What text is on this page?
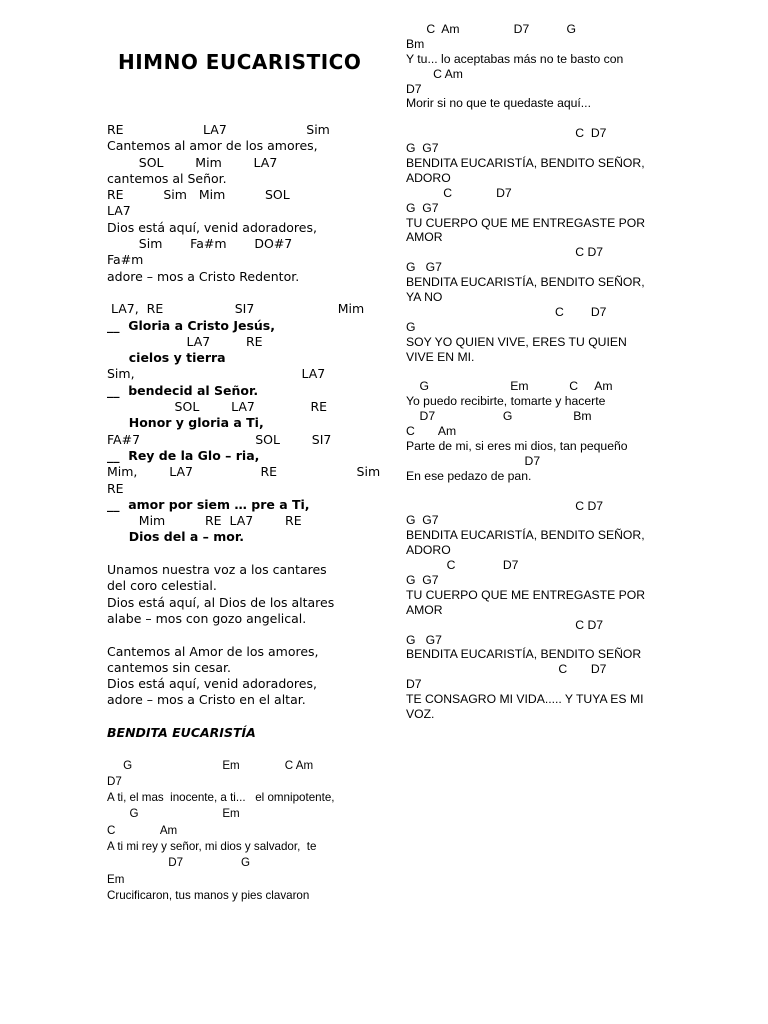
HIMNO EUCARISTICO
RE                    LA7                    Sim
Cantemos al amor de los amores,
SOL        Mim        LA7
cantemos al Señor.
RE          Sim   Mim          SOL
LA7
Dios está aquí, venid adoradores,
Sim       Fa#m       DO#7
Fa#m
adore – mos a Cristo Redentor.
LA7,  RE                  SI7                     Mim
__  Gloria a Cristo Jesús,
LA7         RE
cielos y tierra
Sim,                                          LA7
__  bendecid al Señor.
SOL        LA7              RE
Honor y gloria a Ti,
FA#7                             SOL        SI7
__  Rey de la Glo – ria,
Mim,        LA7                 RE                    Sim
RE
__  amor por siem … pre a Ti,
Mim          RE  LA7        RE
Dios del a – mor.
Unamos nuestra voz a los cantares
del coro celestial.
Dios está aquí, al Dios de los altares
alabe – mos con gozo angelical.
Cantemos al Amor de los amores,
cantemos sin cesar.
Dios está aquí, venid adoradores,
adore – mos a Cristo en el altar.
BENDITA EUCARISTÍA
G                            Em              C Am
D7
A ti, el mas  inocente, a ti...   el omnipotente,
G                          Em
C              Am
A ti mi rey y señor, mi dios y salvador,  te
D7                  G
Em
Crucificaron, tus manos y pies clavaron
C  Am                D7           G
Bm
Y tu... lo aceptabas más no te basto con
C Am
D7
Morir si no que te quedaste aquí...
C  D7
G  G7
BENDITA EUCARISTÍA, BENDITO SEÑOR,
ADORO
C             D7
G  G7
TU CUERPO QUE ME ENTREGASTE POR
AMOR
C D7
G   G7
BENDITA EUCARISTÍA, BENDITO SEÑOR,
YA NO
C        D7
G
SOY YO QUIEN VIVE, ERES TU QUIEN
VIVE EN MI.
G                        Em            C     Am
Yo puedo recibirte, tomarte y hacerte
D7                    G                  Bm
C       Am
Parte de mi, si eres mi dios, tan pequeño
D7
En ese pedazo de pan.
C D7
G  G7
BENDITA EUCARISTÍA, BENDITO SEÑOR,
ADORO
C              D7
G  G7
TU CUERPO QUE ME ENTREGASTE POR
AMOR
C D7
G   G7
BENDITA EUCARISTÍA, BENDITO SEÑOR
C       D7
D7
TE CONSAGRO MI VIDA..... Y TUYA ES MI
VOZ.
